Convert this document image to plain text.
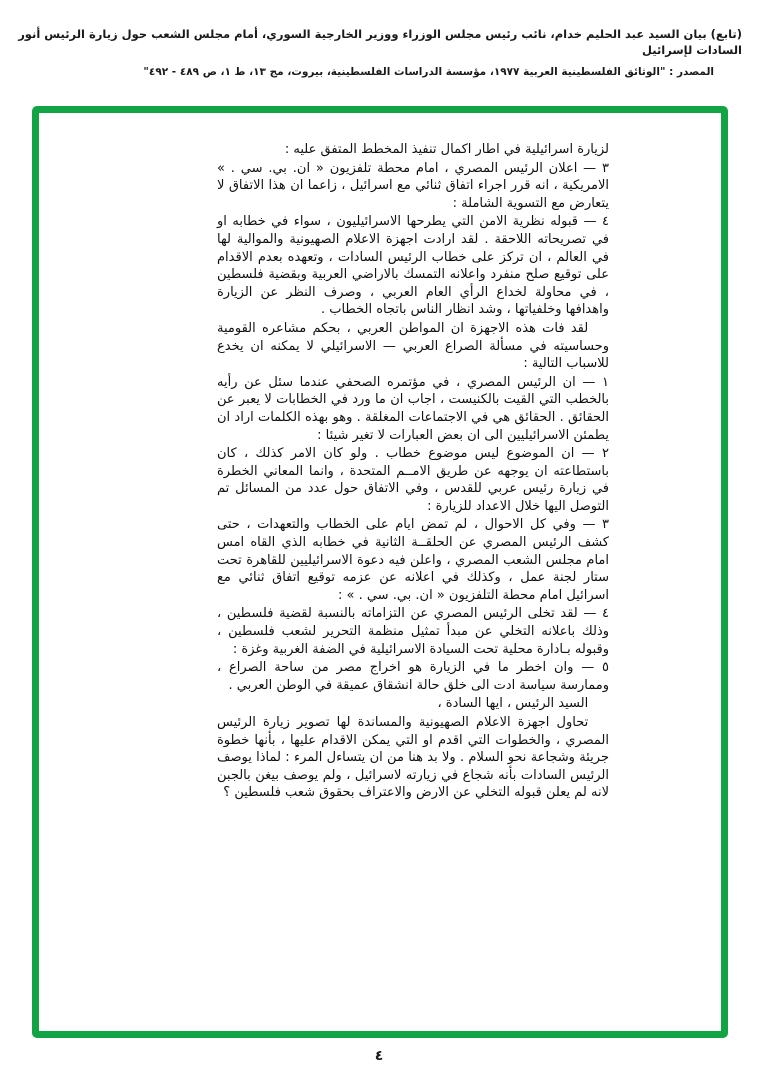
(تابع) بيان السيد عبد الحليم خدام، نائب رئيس مجلس الوزراء ووزير الخارجية السوري، أمام مجلس الشعب حول زيارة الرئيس أنور السادات لإسرائيل
المصدر : "الوثائق الفلسطينية العربية ١٩٧٧، مؤسسة الدراسات الفلسطينية، بيروت، مج ١٣، ط ١، ص ٤٨٩ - ٤٩٢"

لزيارة اسرائيلية في اطار اكمال تنفيذ المخطط المتفق عليه :

٣ — اعلان الرئيس المصري ، امام محطة تلفزيون « ان. بي. سي . » الامريكية ، انه قرر اجراء اتفاق ثنائي مع اسرائيل ، زاعما ان هذا الاتفاق لا يتعارض مع التسوية الشاملة :

٤ — قبوله نظرية الامن التي يطرحها الاسرائيليون ، سواء في خطابه او في تصريحاته اللاحقة . لقد ارادت اجهزة الاعلام الصهيونية والموالية لها في العالم ، ان تركز على خطاب الرئيس السادات ، وتعهده بعدم الاقدام على توقيع صلح منفرد واعلانه التمسك بالاراضي العربية وبقضية فلسطين ، في محاولة لخداع الرأي العام العربي ، وصرف النظر عن الزيارة واهدافها وخلفياتها ، وشد انظار الناس باتجاه الخطاب .

لقد فات هذه الاجهزة ان المواطن العربي ، بحكم مشاعره القومية وحساسيته في مسألة الصراع العربي — الاسرائيلي لا يمكنه ان يخدع للاسباب التالية :

١ — ان الرئيس المصري ، في مؤتمره الصحفي عندما سئل عن رأيه بالخطب التي القيت بالكنيست ، اجاب ان ما ورد في الخطابات لا يعبر عن الحقائق . الحقائق هي في الاجتماعات المغلقة . وهو بهذه الكلمات اراد ان يطمئن الاسرائيليين الى ان بعض العبارات لا تغير شيئا :

٢ — ان الموضوع ليس موضوع خطاب . ولو كان الامر كذلك ، كان باستطاعته ان يوجهه عن طريق الامــم المتحدة ، وانما المعاني الخطرة في زيارة رئيس عربي للقدس ، وفي الاتفاق حول عدد من المسائل تم التوصل اليها خلال الاعداد للزيارة :

٣ — وفي كل الاحوال ، لم تمض ايام على الخطاب والتعهدات ، حتى كشف الرئيس المصري عن الحلقــة الثانية في خطابه الذي القاه امس امام مجلس الشعب المصري ، واعلن فيه دعوة الاسرائيليين للقاهرة تحت ستار لجنة عمل ، وكذلك في اعلانه عن عزمه توقيع اتفاق ثنائي مع اسرائيل امام محطة التلفزيون « ان. بي. سي . » :

٤ — لقد تخلى الرئيس المصري عن التزاماته بالنسبة لقضية فلسطين ، وذلك باعلانه التخلي عن مبدأ تمثيل منظمة التحرير لشعب فلسطين ، وقبوله بـادارة محلية تحت السيادة الاسرائيلية في الضفة الغربية وغزة :

٥ — وان اخطر ما في الزيارة هو اخراج مصر من ساحة الصراع ، وممارسة سياسة ادت الى خلق حالة انشقاق عميقة في الوطن العربي .

السيد الرئيس ، ايها السادة ،

تحاول اجهزة الاعلام الصهيونية والمساندة لها تصوير زيارة الرئيس المصري ، والخطوات التي اقدم او التي يمكن الاقدام عليها ، بأنها خطوة جريئة وشجاعة نحو السلام . ولا بد هنا من ان يتساءل المرء : لماذا يوصف الرئيس السادات بأنه شجاع في زيارته لاسرائيل ، ولم يوصف بيغن بالجبن لانه لم يعلن قبوله التخلي عن الارض والاعتراف بحقوق شعب فلسطين ؟

٤
